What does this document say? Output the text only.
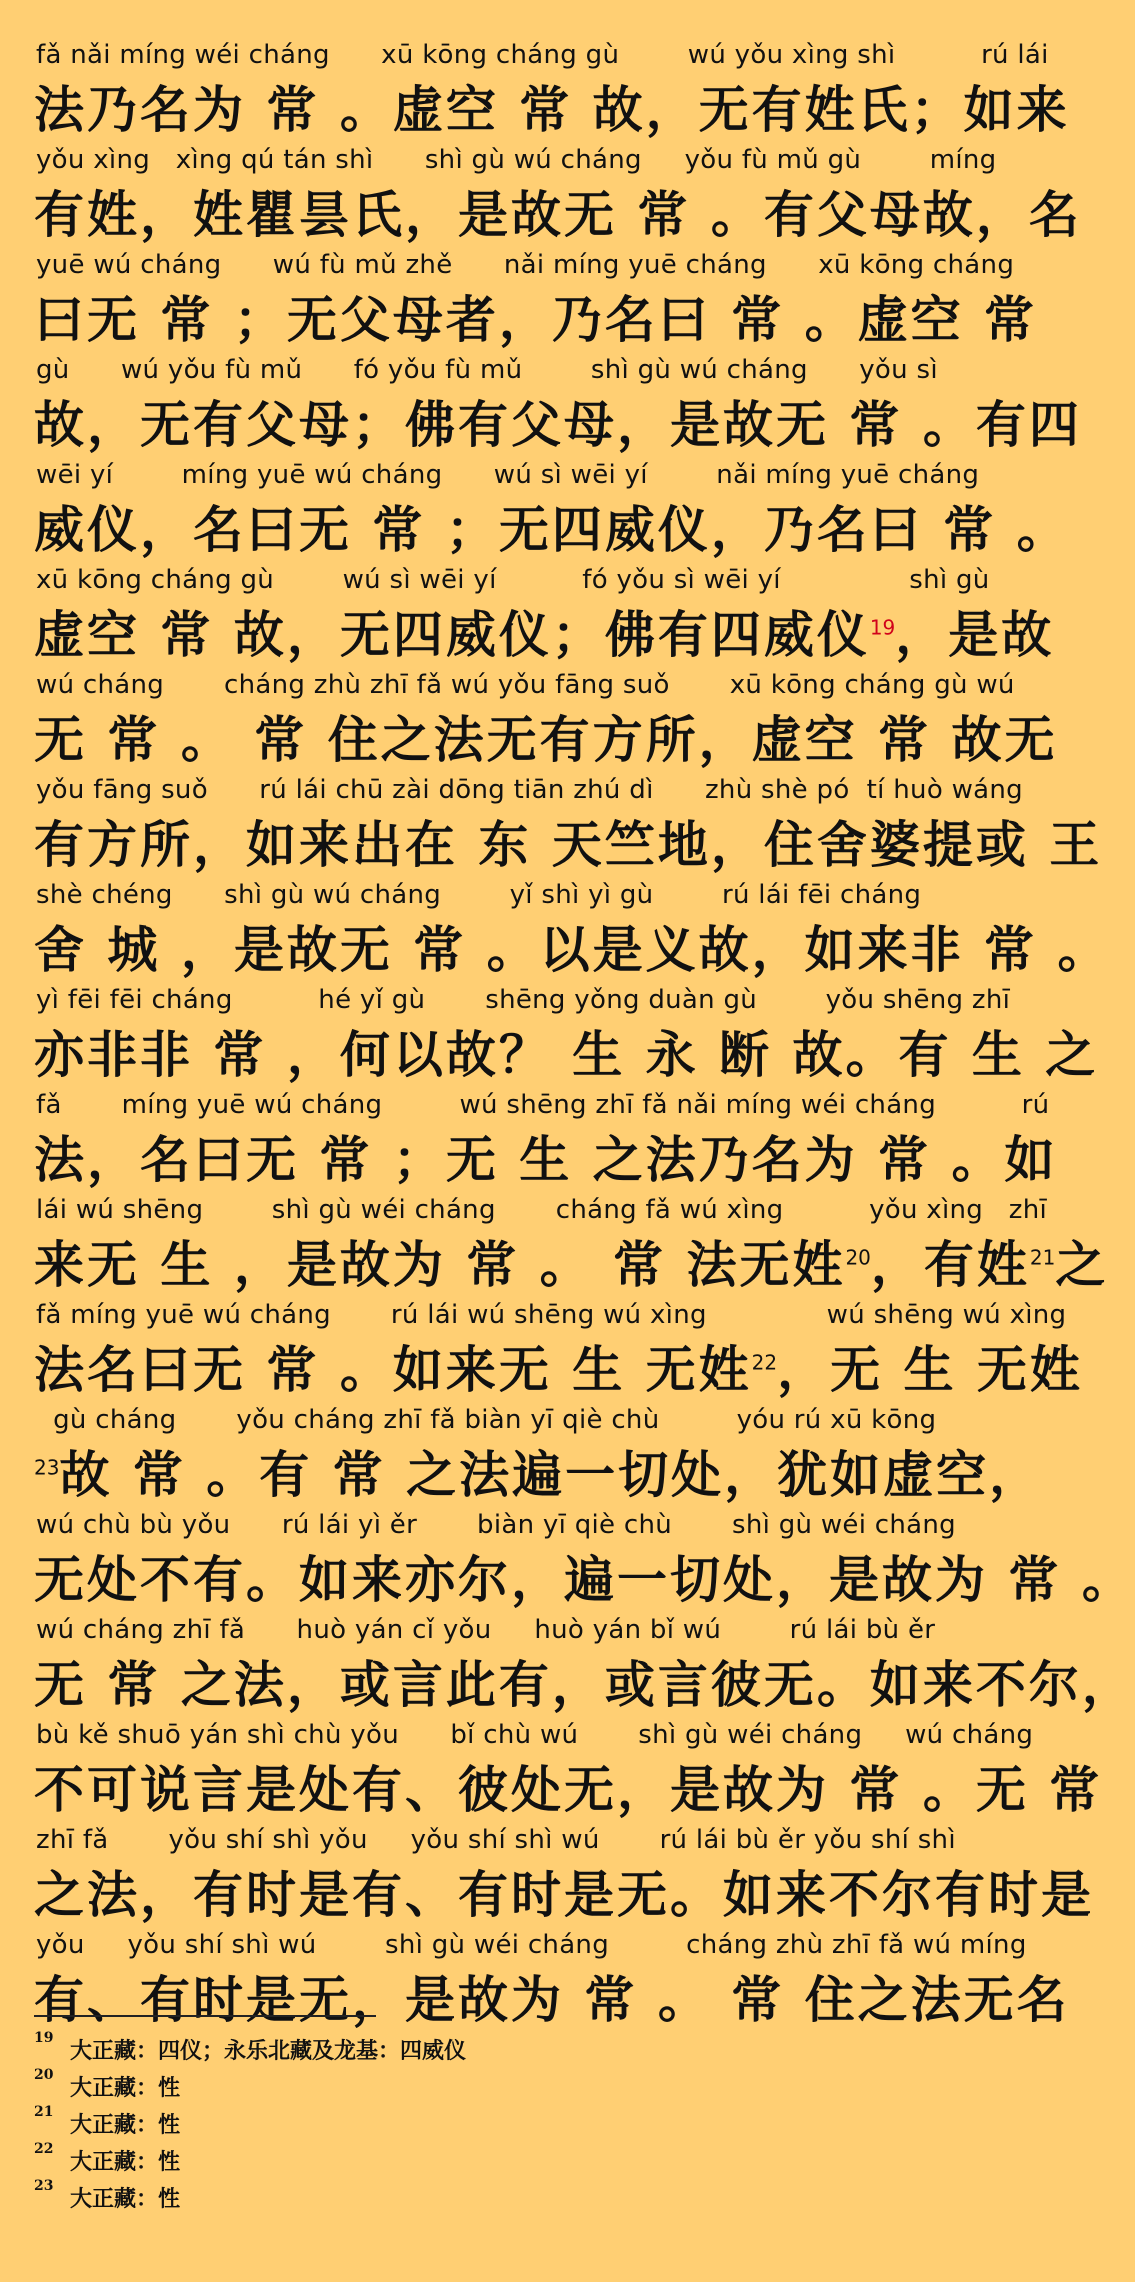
fǎ nǎi míng wéi cháng      xū kōng cháng gù        wú yǒu xìng shì          rú lái
法乃名为 常 。虚空 常 故，无有姓氏；如来
yǒu xìng   xìng qú tán shì      shì gù wú cháng     yǒu fù mǔ gù        míng
有姓，姓瞿昙氏，是故无 常 。有父母故，名
yuē wú cháng      wú fù mǔ zhě      nǎi míng yuē cháng      xū kōng cháng
曰无 常 ；无父母者，乃名曰 常 。虚空 常
gù      wú yǒu fù mǔ      fó yǒu fù mǔ        shì gù wú cháng      yǒu sì
故，无有父母；佛有父母，是故无 常 。有四
wēi yí        míng yuē wú cháng      wú sì wēi yí        nǎi míng yuē cháng
威仪，名曰无 常 ；无四威仪，乃名曰 常 。
xū kōng cháng gù        wú sì wēi yí          fó yǒu sì wēi yí               shì gù
虚空 常 故，无四威仪；佛有四威仪$^{19}$，是故
wú cháng       cháng zhù zhī fǎ wú yǒu fāng suǒ       xū kōng cháng gù wú
无 常 。 常 住之法无有方所，虚空 常 故无
yǒu fāng suǒ      rú lái chū zài dōng tiān zhú dì      zhù shè pó  tí huò wáng
有方所，如来出在 东 天竺地，住舍婆提或 王
shè chéng      shì gù wú cháng        yǐ shì yì gù        rú lái fēi cháng
舍 城 ，是故无 常 。以是义故，如来非 常 。
yì fēi fēi cháng          hé yǐ gù       shēng yǒng duàn gù        yǒu shēng zhī
亦非非 常 ，何以故？ 生 永 断 故。有 生 之
fǎ       míng yuē wú cháng         wú shēng zhī fǎ nǎi míng wéi cháng          rú
法，名曰无 常 ；无 生 之法乃名为 常 。如
lái wú shēng        shì gù wéi cháng       cháng fǎ wú xìng          yǒu xìng   zhī
来无 生 ，是故为 常 。 常 法无姓$^{20}$，有姓$^{21}$之
fǎ míng yuē wú cháng       rú lái wú shēng wú xìng              wú shēng wú xìng
法名曰无 常 。如来无 生 无姓$^{22}$，无 生 无姓
gù cháng       yǒu cháng zhī fǎ biàn yī qiè chù         yóu rú xū kōng
$^{23}$故 常 。有 常 之法遍一切处，犹如虚空，
wú chù bù yǒu      rú lái yì ěr       biàn yī qiè chù       shì gù wéi cháng
无处不有。如来亦尔，遍一切处，是故为 常 。
wú cháng zhī fǎ      huò yán cǐ yǒu     huò yán bǐ wú        rú lái bù ěr
无 常 之法，或言此有，或言彼无。如来不尔，
bù kě shuō yán shì chù yǒu      bǐ chù wú       shì gù wéi cháng     wú cháng
不可说言是处有、彼处无，是故为 常 。无 常
zhī fǎ       yǒu shí shì yǒu     yǒu shí shì wú       rú lái bù ěr yǒu shí shì
之法，有时是有、有时是无。如来不尔有时是
yǒu     yǒu shí shì wú        shì gù wéi cháng         cháng zhù zhī fǎ wú míng
有、有时是无，是故为 常 。 常 住之法无名
19 大正藏：四仪；永乐北藏及龙基：四威仪
20 大正藏：性
21 大正藏：性
22 大正藏：性
23 大正藏：性
